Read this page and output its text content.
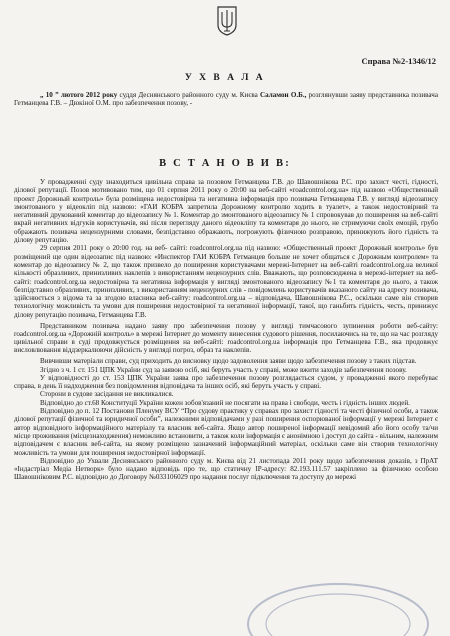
Справа №2-1346/12
У Х В А Л А

„ 10 ” лютого 2012 року суддя Деснянського районного суду м. Києва Саламон О.Б., розглянувши заяву представника позивача Гетманцева Г.В. – Дюкіної О.М. про забезпечення позову, -

В С Т А Н О В И В:

У провадженні суду знаходиться цивільна справа за позовом Гетманцева Г.В. до Шавошнікова Р.С. про захист честі, гідності, ділової репутації. Позов мотивовано тим, що 01 серпня 2011 року о 20:00 на веб-сайті «roadcontrol.org.ua» під назвою «Общественный проект Дорожный контроль» була розміщена недостовірна та негативна інформація про позивача Гетманцева Г.В. у вигляді відеозапису змонтованого у відеокліп під назвою: «ГАИ КОБРА запретила Дорожному контролю ходить в туалет», а також недостовірний та негативний друкований коментар до відеозапису № 1. Коментар до змонтованого відеозапису № 1 спровокував до поширення на веб-сайті вкрай негативних відгуків користувачів, які після перегляду даного відеокліпу та коментаря до нього, не стримуючи своїх емоцій, грубо ображають позивача нецензурними словами, безпідставно ображають, погрожують фізичною розправою, принижують його гідність та ділову репутацію.

29 серпня 2011 року о 20:00 год. на веб- сайті: roadcontrol.org.ua під назвою: «Общественный проект Дорожный контроль» був розміщений ще один відеозапис під назвою: «Инспектор ГАИ КОБРА Гетманцев больше не хочет общаться с Дорожным контролем» та коментар до відеозапису № 2, що також призвело до поширення користувачами мережі-Інтернет на веб-сайті roadcontrol.org.ua великої кількості образливих, принизливих наклепів з використанням нецензурних слів. Вважають, що розповсюджена в мережі-інтернет на веб-сайті: roadcontrol.org.ua недостовірна та негативна інформація у вигляді змонтованого відеозапису №1 та коментаря до нього, а також безпідставно образливих, принизливих, з використанням нецензурних слів - повідомлень користувачів вказаного сайту на адресу позивача, здійснюється з відома та за згодою власника веб-сайту: roadcontrol.org.ua – відповідача, Шавошнікова Р.С., оскільки саме він створив технологічну можливість та умови для поширення недостовірної та негативної інформації, такої, що ганьбить гідність, честь, принижує ділову репутацію позивача, Гетманцева Г.В.

Представником позивача надано заяву про забезпечення позову у вигляді тимчасового зупинення роботи веб-сайту: roadcontrol.org.ua «Дорожній контроль» в мережі Інтернет до моменту винесення судового рішення, посилаючись на те, що на час розгляду цивільної справи в суді продовжується розміщення на веб-сайті: roadcontrol.org.ua інформація про Гетманцева Г.В., яка продовжує висловлювання віддзеркалюючи дійсність у вигляді погроз, образ та наклепів.

Вивчивши матеріали справи, суд приходить до висновку щодо задоволення заяви щодо забезпечення позову з таких підстав.

Згідно з ч. 1 ст. 151 ЦПК України суд за заявою осіб, які беруть участь у справі, може вжити заходів забезпечення позову.

У відповідності до ст. 153 ЦПК України заява про забезпечення позову розглядається судом, у провадженні якого перебуває справа, в день її надходження без повідомлення відповідача та інших осіб, які беруть участь у справі.

Сторони в судове засідання не викликалися.

Відповідно до ст.68 Конституції України кожен зобов'язаний не посягати на права і свободи, честь і гідність інших людей.

Відповідно до п. 12 Постанови Пленуму ВСУ “Про судову практику у справах про захист гідності та честі фізичної особи, а також ділової репутації фізичної та юридичної особи”, належними відповідачами у разі поширення оспорюваної інформації у мережі Інтернет є автор відповідного інформаційного матеріалу та власник веб-сайта. Якщо автор поширеної інформації невідомий або його особу та/чи місце проживання (місцезнаходження) неможливо встановити, а також коли інформація є анонімною і доступ до сайта - вільним, належним відповідачем є власник веб-сайта, на якому розміщено зазначений інформаційний матеріал, оскільки саме він створив технологічну можливість та умови для поширення недостовірної інформації.

Відповідно до Ухвали Деснянського районного суду м. Києва від 21 листопада 2011 року щодо забезпечення доказів, з ПрАТ «Індастріал Медіа Нетворк» було надано відповідь про те, що статичну IP-адресу: 82.193.111.57 закріплено за фізичною особою Шавошніковим Р.С. відповідно до Договору №033106029 про надання послуг підключення та доступу до мережі
